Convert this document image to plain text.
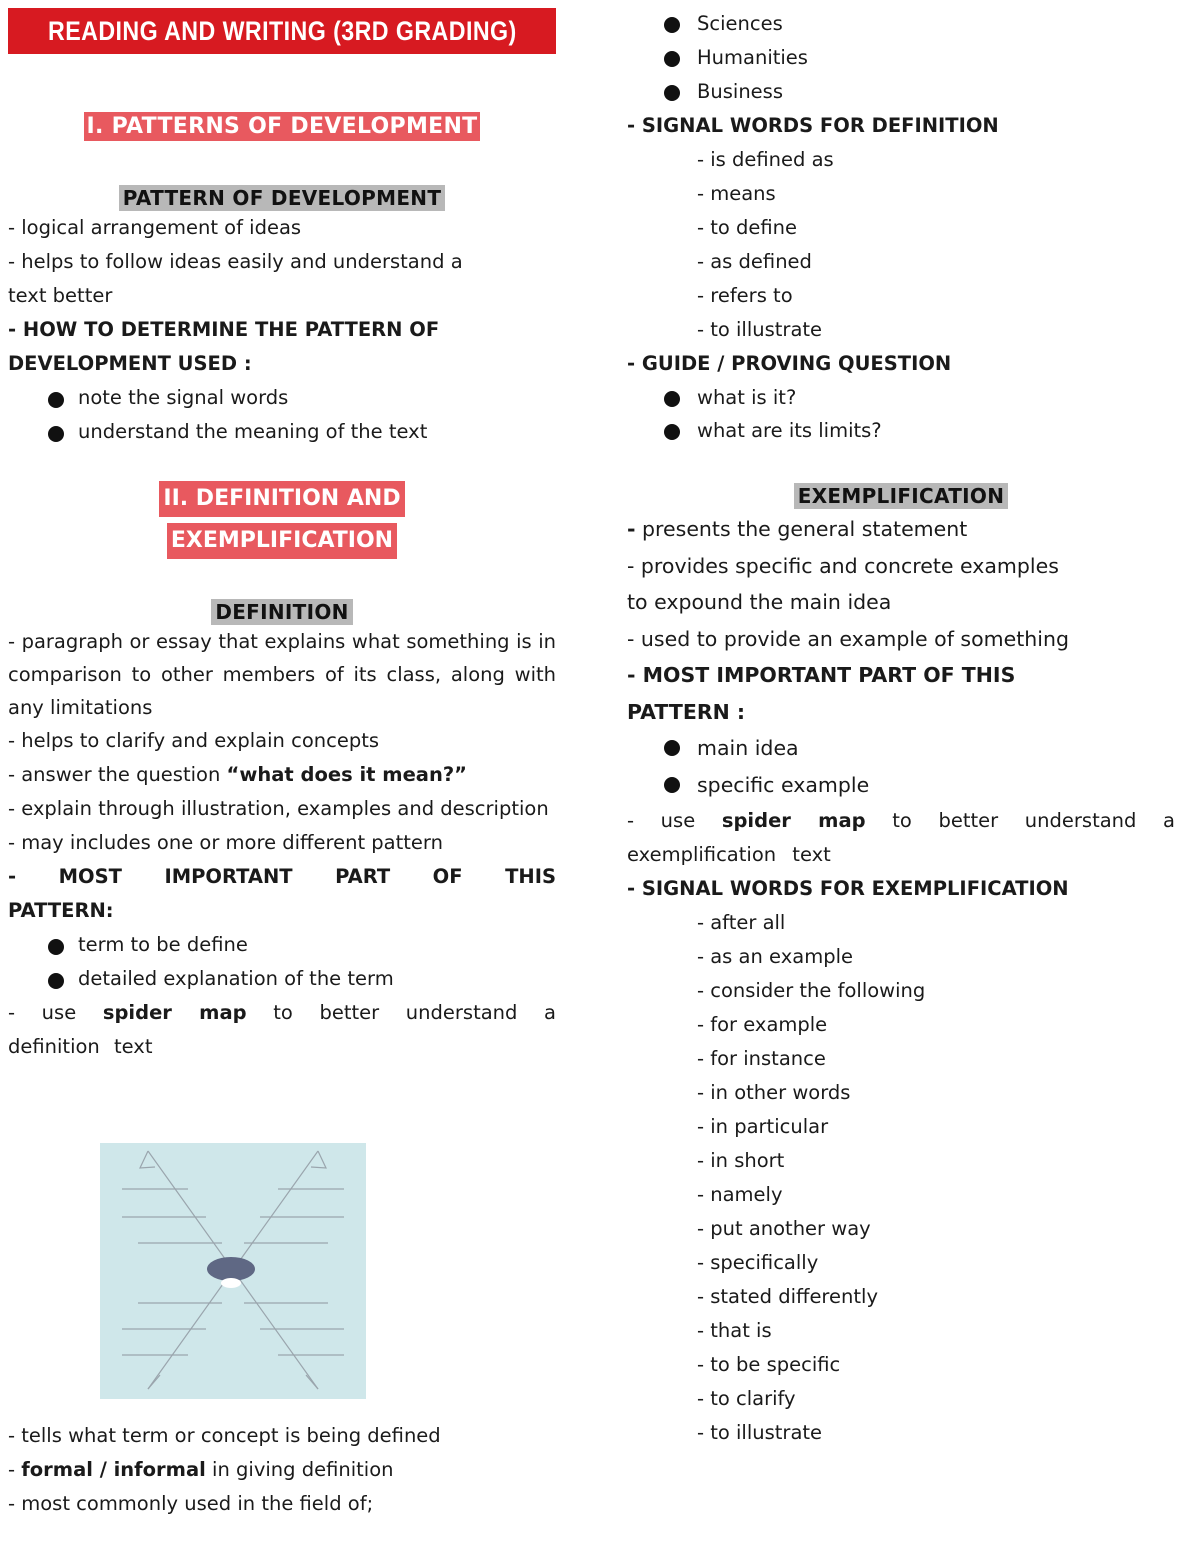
READING AND WRITING (3RD GRADING)
I. PATTERNS OF DEVELOPMENT
PATTERN OF DEVELOPMENT

- logical arrangement of ideas

- helps to follow ideas easily and understand a

text better

- HOW TO DETERMINE THE PATTERN OF

DEVELOPMENT USED :

note the signal words

understand the meaning of the text

II. DEFINITION AND
EXEMPLIFICATION
DEFINITION

- paragraph or essay that explains what something is in comparison to other members of its class, along with any limitations

- helps to clarify and explain concepts

- answer the question “what does it mean?”

- explain through illustration, examples and description

- may includes one or more different pattern

- MOST IMPORTANT PART OF THIS PATTERN:

term to be define

detailed explanation of the term

- use spider map to better understand a definition text

- tells what term or concept is being defined

- formal / informal in giving definition

- most commonly used in the field of;

Sciences

Humanities

Business

- SIGNAL WORDS FOR DEFINITION

- is defined as

- means

- to define

- as defined

- refers to

- to illustrate

- GUIDE / PROVING QUESTION

what is it?

what are its limits?

EXEMPLIFICATION

- presents the general statement

- provides specific and concrete examples

to expound the main idea

- used to provide an example of something

- MOST IMPORTANT PART OF THIS

PATTERN :

main idea

specific example

- use spider map to better understand a exemplification text

- SIGNAL WORDS FOR EXEMPLIFICATION

- after all

- as an example

- consider the following

- for example

- for instance

- in other words

- in particular

- in short

- namely

- put another way

- specifically

- stated differently

- that is

- to be specific

- to clarify

- to illustrate
